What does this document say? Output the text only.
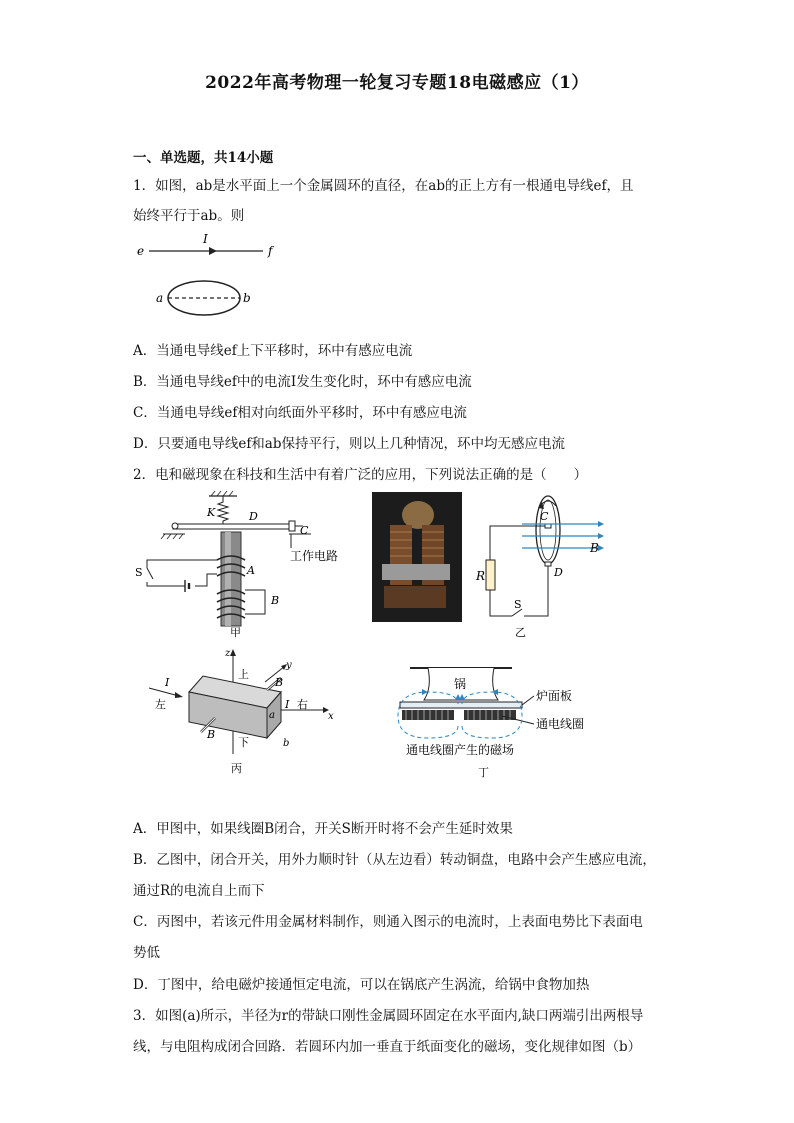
2022年高考物理一轮复习专题18电磁感应（1）
一、单选题，共14小题
1．如图，ab是水平面上一个金属圆环的直径，在ab的正上方有一根通电导线ef，且
始终平行于ab。则
e	f
I
a	b
A．当通电导线ef上下平移时，环中有感应电流
B．当通电导线ef中的电流I发生变化时，环中有感应电流
C．当通电导线ef相对向纸面外平移时，环中有感应电流
D．只要通电导线ef和ab保持平行，则以上几种情况，环中均无感应电流
2．电和磁现象在科技和生活中有着广泛的应用，下列说法正确的是（　　）
K	D
C
工作电路
A
B
S
甲
C
B
R	D
S
乙
z
上
下
y
x
a
b
I
左	I 右
B
B
丙
锅
炉面板
通电线圈
通电线圈产生的磁场
丁
A．甲图中，如果线圈B闭合，开关S断开时将不会产生延时效果
B．乙图中，闭合开关，用外力顺时针（从左边看）转动铜盘，电路中会产生感应电流，
通过R的电流自上而下
C．丙图中，若该元件用金属材料制作，则通入图示的电流时，上表面电势比下表面电
势低
D．丁图中，给电磁炉接通恒定电流，可以在锅底产生涡流，给锅中食物加热
3．如图(a)所示，半径为r的带缺口刚性金属圆环固定在水平面内,缺口两端引出两根导
线，与电阻构成闭合回路．若圆环内加一垂直于纸面变化的磁场，变化规律如图（b）
